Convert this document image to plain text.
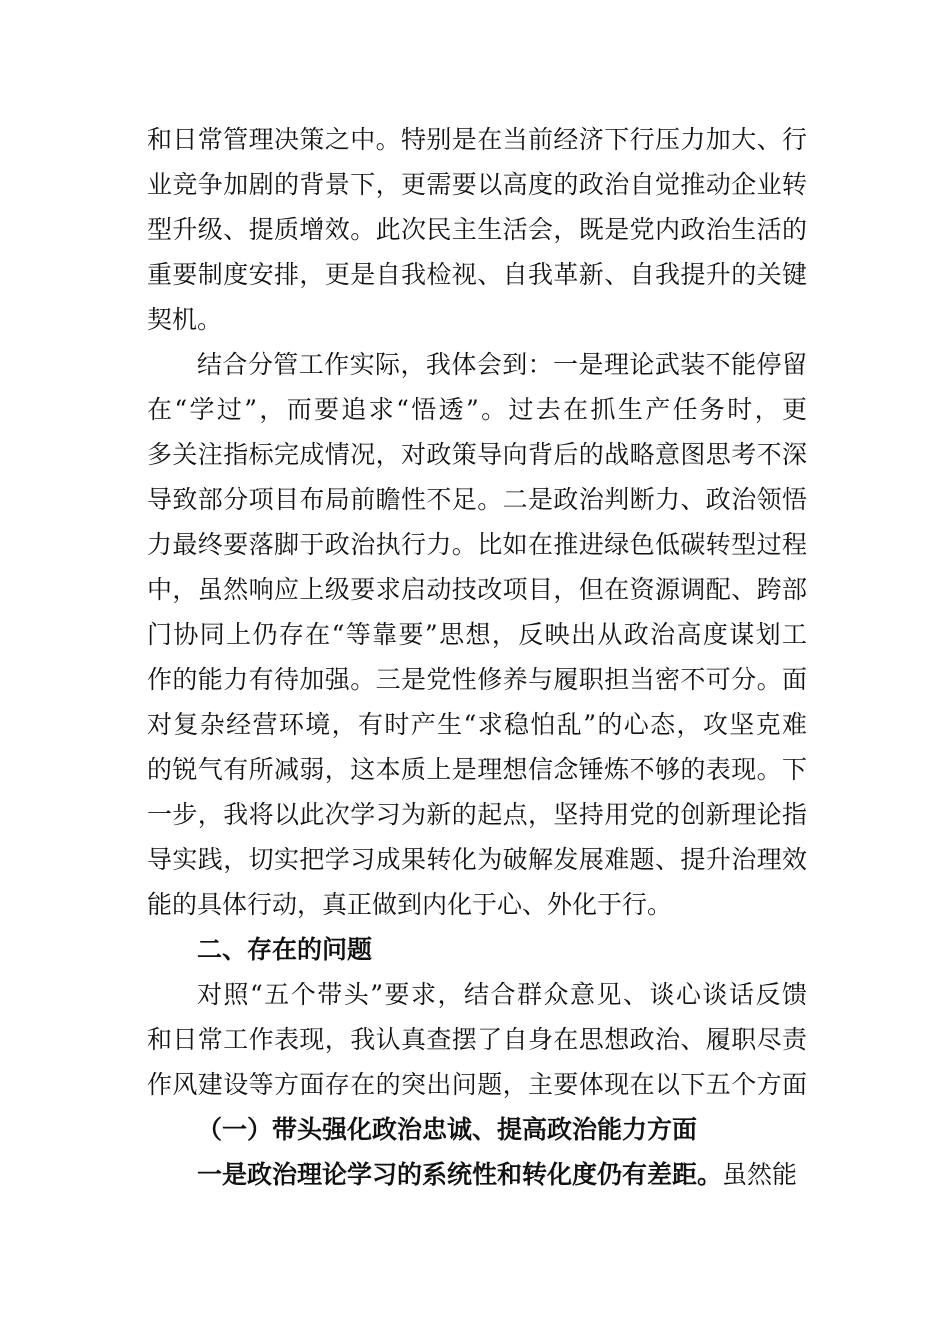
和日常管理决策之中。特别是在当前经济下行压力加大、行

业竞争加剧的背景下，更需要以高度的政治自觉推动企业转

型升级、提质增效。此次民主生活会，既是党内政治生活的

重要制度安排，更是自我检视、自我革新、自我提升的关键

契机。

结合分管工作实际，我体会到：一是理论武装不能停留

在“学过”，而要追求“悟透”。过去在抓生产任务时，更

多关注指标完成情况，对政策导向背后的战略意图思考不深

导致部分项目布局前瞻性不足。二是政治判断力、政治领悟

力最终要落脚于政治执行力。比如在推进绿色低碳转型过程

中，虽然响应上级要求启动技改项目，但在资源调配、跨部

门协同上仍存在“等靠要”思想，反映出从政治高度谋划工

作的能力有待加强。三是党性修养与履职担当密不可分。面

对复杂经营环境，有时产生“求稳怕乱”的心态，攻坚克难

的锐气有所减弱，这本质上是理想信念锤炼不够的表现。下

一步，我将以此次学习为新的起点，坚持用党的创新理论指

导实践，切实把学习成果转化为破解发展难题、提升治理效

能的具体行动，真正做到内化于心、外化于行。

二、存在的问题

对照“五个带头”要求，结合群众意见、谈心谈话反馈

和日常工作表现，我认真查摆了自身在思想政治、履职尽责

作风建设等方面存在的突出问题，主要体现在以下五个方面

（一）带头强化政治忠诚、提高政治能力方面

一是政治理论学习的系统性和转化度仍有差距。虽然能
